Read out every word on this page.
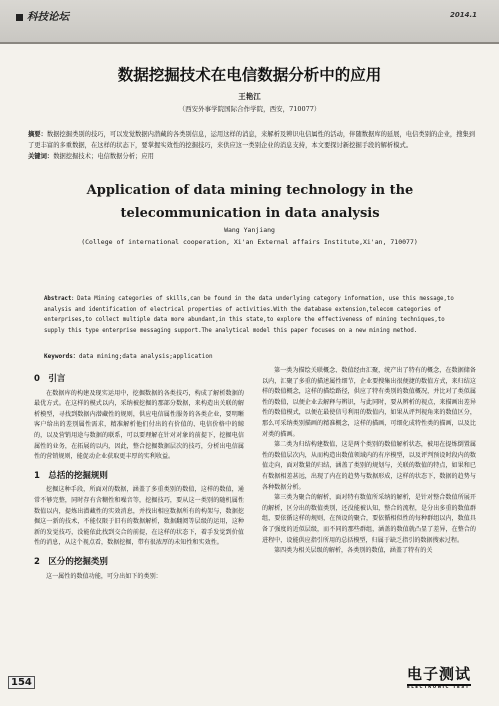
科技论坛	2014.1
数据挖掘技术在电信数据分析中的应用
王艳江
（西安外事学院国际合作学院，西安，710077）

摘要：数据挖掘类别的技巧，可以发觉数据内潜藏的各类别信息，运用这样的消息，来解析及辨识电信属性的活动，伴随数据库的延展，电信类别的企业，搜集到了更丰富的多重数据，在这样的状态下，要掌握实效性的挖掘技巧，来供应这一类别企业的消息支持，本文要探讨新挖掘手段的解析模式。

关键词：数据挖掘技术；电信数据分析；应用

Application of data mining technology in the telecommunication in data analysis
Wang Yanjiang
(College of international cooperation, Xi'an External affairs Institute,Xi'an, 710077)

Abstract：Data Mining categories of skills,can be found in the data underlying category information, use this message,to analysis and identification of electrical properties of activities.With the database extension,telecom categories of enterprises,to collect multiple data more abundant,in this state,to explore the effectiveness of mining techniques,to supply this type enterprise messaging support.The analytical model this paper focuses on a new mining method.

Keywords：data mining;data analysis;application
0　引言

在数据库的构建及现实运用中，挖掘数据的各类技巧，构成了解析数据的最优方式。在这样的模式以内，采纳被挖掘的那部分数据，来构造出关联的解析模型，寻找到数据内潜藏性的规则，供应电信属性服务的各类企业，要明晰客户给出的差别属性需求，精准解析他们付出的有价值的、电信价格中的鲸的，以及营销用途与数据的联系，可以要理解在针对对象的前提下，挖掘电信属性的业务，在拓展的以内，因此，整合挖掘数据层次的技巧，分析出电信属性的营销规则，能促动企业获取更丰厚的实利收益。

1　总括的挖掘规则

挖掘这种手段，所面对的数据，涵盖了多重类别的数值，这样的数值，通常不够完整，同时存有含糊性和噪音等，挖掘技巧，要从这一类别的随机属性数值以内，提炼出潜藏性的实效消息，并找出相应数据所有的构架与，数据挖掘这一新的技术，不能仅限于旧有的数据解析，数据翻阅等层级的运用，这种新的发觉技巧，没能依此找到交合的前提，在这样的状态下，着手发觉到价值性的消息，从这个视点看，数据挖掘，带有很浓厚的未知性和实效性。

2　区分的挖掘类别

这一属性的数值功能，可分出如下的类别：

第一类为描绘关联概念、数值经由汇聚，统产出了特有的概念，在数据储备以内，汇聚了多重的描述属性细节，企业要搜集出很便捷的数值方式，来归结这样的数值概念，这样的描绘路径，供应了特有类别的数值概况，并比对了类似属性的数值，以便企业去解释与辨识，与此同时，要从辨析的视点，来描画出差异性的数值模式，以便在最使信号利用的数值内，如果从评判视角来的数值区分，那么可采纳类别描画的精准概念，这样的描画，可细化成特性类的描画，以及比对类的描画。

第二类为归结构建数值，这是两个类别的数值解析状态，被用在提炼倒置属性的数值层次内，从而构造出数值领域内的有序模型，以及评判预设时段内的数值走向，面对数量的归结，涵盖了类别的规划与，关联的数值的特点，如果和已有数据相差甚远，出现了内在的趋势与数据形成，这样的状态下，数据的趋势与各种数据分析。

第三类为聚合的解析，面对特有数值所采纳的解析，是针对整合数值所展开的解析，区分出的数值类别，还没能被认知，整合的流程，是分出多重的数值群组，要依循这样的规则，在预设的聚合，要依循相似性的每种群组以内，数值具备了强度的近似层级，而不同的那些群组，涵盖的数值就凸显了差异，在整合的进程中，设能供应指引所用的总括模型，归属于缺乏指引的数据搜索过程。

第四类为相关层级的解析，各类别的数值，涵盖了特有的关

154	电子测试
ELECTRONIC TEST
